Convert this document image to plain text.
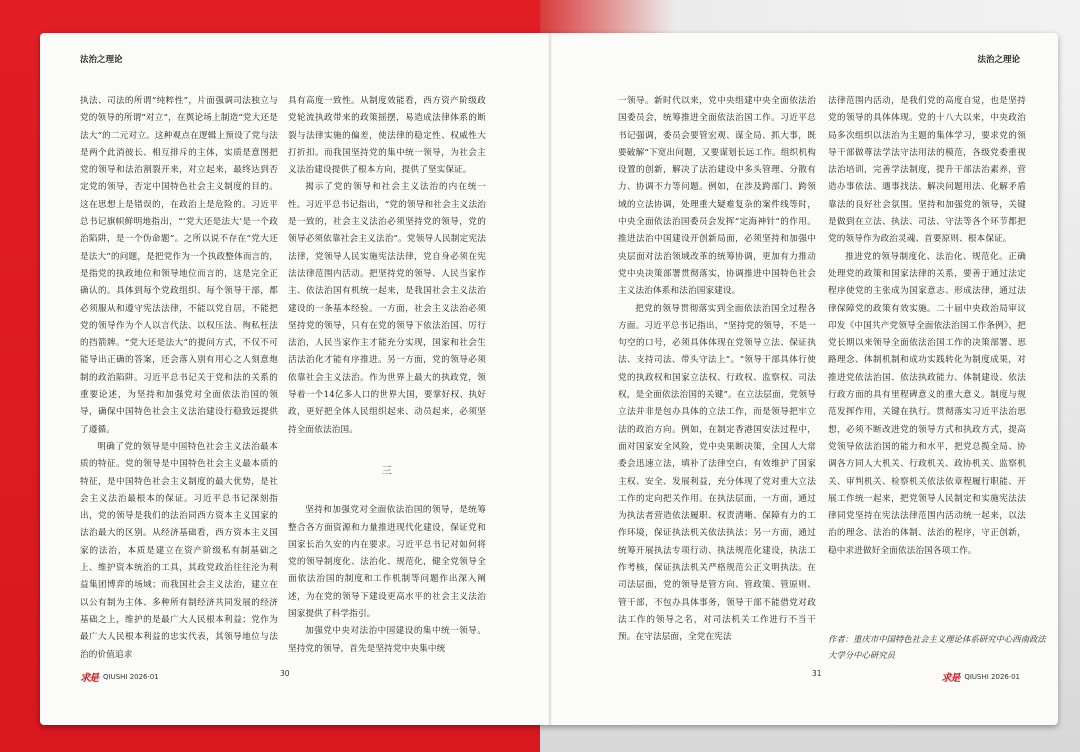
法治之理论	法治之理论

执法、司法的所谓“纯粹性”，片面强调司法独立与党的领导的所谓“对立”，在舆论场上制造“党大还是法大”的二元对立。这种观点在逻辑上预设了党与法是两个此消彼长、相互排斥的主体，实质是意图把党的领导和法治割裂开来，对立起来，最终达到否定党的领导，否定中国特色社会主义制度的目的。这在思想上是错误的，在政治上是危险的。习近平总书记旗帜鲜明地指出，“‘党大还是法大’是一个政治陷阱，是一个伪命题”。之所以说不存在“党大还是法大”的问题，是把党作为一个执政整体而言的，是指党的执政地位和领导地位而言的，这是完全正确认的。具体到每个党政组织、每个领导干部，都必须服从和遵守宪法法律，不能以党自居，不能把党的领导作为个人以言代法、以权压法、徇私枉法的挡箭牌。“党大还是法大”的提问方式，不仅不可能导出正确的答案，还会落入别有用心之人刻意炮制的政治陷阱。习近平总书记关于党和法的关系的重要论述，为坚持和加强党对全面依法治国的领导，确保中国特色社会主义法治建设行稳致远提供了遵循。

明确了党的领导是中国特色社会主义法治最本质的特征。党的领导是中国特色社会主义最本质的特征，是中国特色社会主义制度的最大优势，是社会主义法治最根本的保证。习近平总书记深刻指出，党的领导是我们的法治同西方资本主义国家的法治最大的区别。从经济基础看，西方资本主义国家的法治，本质是建立在资产阶级私有制基础之上、维护资本统治的工具，其政党政治往往沦为利益集团博弈的场域；而我国社会主义法治，建立在以公有制为主体、多种所有制经济共同发展的经济基础之上，维护的是最广大人民根本利益；党作为最广大人民根本利益的忠实代表，其领导地位与法治的价值追求

具有高度一致性。从制度效能看，西方资产阶级政党轮流执政带来的政策摇摆，易造成法律体系的断裂与法律实施的偏差，使法律的稳定性、权威性大打折扣。而我国坚持党的集中统一领导，为社会主义法治建设提供了根本方向，提供了坚实保证。

揭示了党的领导和社会主义法治的内在统一性。习近平总书记指出，“党的领导和社会主义法治是一致的，社会主义法治必须坚持党的领导，党的领导必须依靠社会主义法治”。党领导人民制定宪法法律，党领导人民实施宪法法律，党自身必须在宪法法律范围内活动。把坚持党的领导、人民当家作主、依法治国有机统一起来，是我国社会主义法治建设的一条基本经验。一方面，社会主义法治必须坚持党的领导，只有在党的领导下依法治国、厉行法治，人民当家作主才能充分实现，国家和社会生活法治化才能有序推进。另一方面，党的领导必须依靠社会主义法治。作为世界上最大的执政党，领导着一个14亿多人口的世界大国，要掌好权、执好政，更好把全体人民组织起来、动员起来，必须坚持全面依法治国。

三

坚持和加强党对全面依法治国的领导，是统筹整合各方面资源和力量推进现代化建设，保证党和国家长治久安的内在要求。习近平总书记对如何将党的领导制度化、法治化、规范化，健全党领导全面依法治国的制度和工作机制等问题作出深入阐述，为在党的领导下建设更高水平的社会主义法治国家提供了科学指引。

加强党中央对法治中国建设的集中统一领导。坚持党的领导，首先是坚持党中央集中统

一领导。新时代以来，党中央组建中央全面依法治国委员会，统筹推进全面依法治国工作。习近平总书记强调，委员会要管宏观、谋全局、抓大事，既要破解“下宽出问题，又要谋划长远工作。组织机构设置的创新，解决了法治建设中多头管理、分散有力、协调不力等问题。例如，在涉及跨部门、跨领域的立法协调，处理重大疑难复杂的案件线等时，中央全面依法治国委员会发挥“定海神针”的作用。推进法治中国建设开创新局面，必须坚持和加强中央层面对法治领域改革的统筹协调，更加有力推动党中央决策部署贯彻落实，协调推进中国特色社会主义法治体系和法治国家建设。

把党的领导贯彻落实到全面依法治国全过程各方面。习近平总书记指出，“坚持党的领导，不是一句空的口号，必须具体体现在党领导立法、保证执法、支持司法、带头守法上”。“领导干部具体行使党的执政权和国家立法权、行政权、监察权、司法权，是全面依法治国的关键”。在立法层面，党领导立法并非是包办具体的立法工作，而是领导把牢立法的政治方向。例如，在制定香港国安法过程中，面对国家安全风险，党中央果断决策，全国人大常委会迅速立法，填补了法律空白，有效维护了国家主权、安全、发展利益，充分体现了党对重大立法工作的定向把关作用。在执法层面，一方面，通过为执法者营造依法履职、权责清晰、保障有力的工作环境，保证执法机关依法执法；另一方面，通过统筹开展执法专项行动、执法规范化建设，执法工作考核，保证执法机关严格规范公正文明执法。在司法层面，党的领导是管方向、管政策、管原则、管干部，不包办具体事务，领导干部不能借党对政法工作的领导之名，对司法机关工作进行不当干预。在守法层面，全党在宪法

法律范围内活动，是我们党的高度自觉，也是坚持党的领导的具体体现。党的十八大以来，中央政治局多次组织以法治为主题的集体学习，要求党的领导干部做尊法学法守法用法的模范，各级党委重视法治培训，完善学法制度，提升干部法治素养，营造办事依法、遇事找法、解决问题用法、化解矛盾靠法的良好社会氛围。坚持和加强党的领导，关键是做到在立法、执法、司法、守法等各个环节都把党的领导作为政治灵魂、首要原则、根本保证。

推进党的领导制度化、法治化、规范化。正确处理党的政策和国家法律的关系，要善于通过法定程序使党的主张成为国家意志、形成法律，通过法律保障党的政策有效实施。二十届中央政治局审议印发《中国共产党领导全面依法治国工作条例》，把党长期以来领导全面依法治国工作的决策部署、思路理念、体制机制和成功实践转化为制度成果，对推进党依法治国、依法执政能力、体制建设、依法行政方面的具有里程碑意义的重大意义。制度与规范发挥作用，关键在执行。贯彻落实习近平法治思想，必须不断改进党的领导方式和执政方式，提高党领导依法治国的能力和水平，把党总揽全局、协调各方同人大机关、行政机关、政协机关、监察机关、审判机关、检察机关依法依章程履行职能、开展工作统一起来，把党领导人民制定和实施宪法法律同党坚持在宪法法律范围内活动统一起来，以法治的理念、法治的体制、法治的程序，守正创新，稳中求进做好全面依法治国各项工作。

作者：重庆市中国特色社会主义理论体系研究中心西南政法大学分中心研究员
求是 QIUSHI 2026·01	30	31	求是 QIUSHI 2026·01
